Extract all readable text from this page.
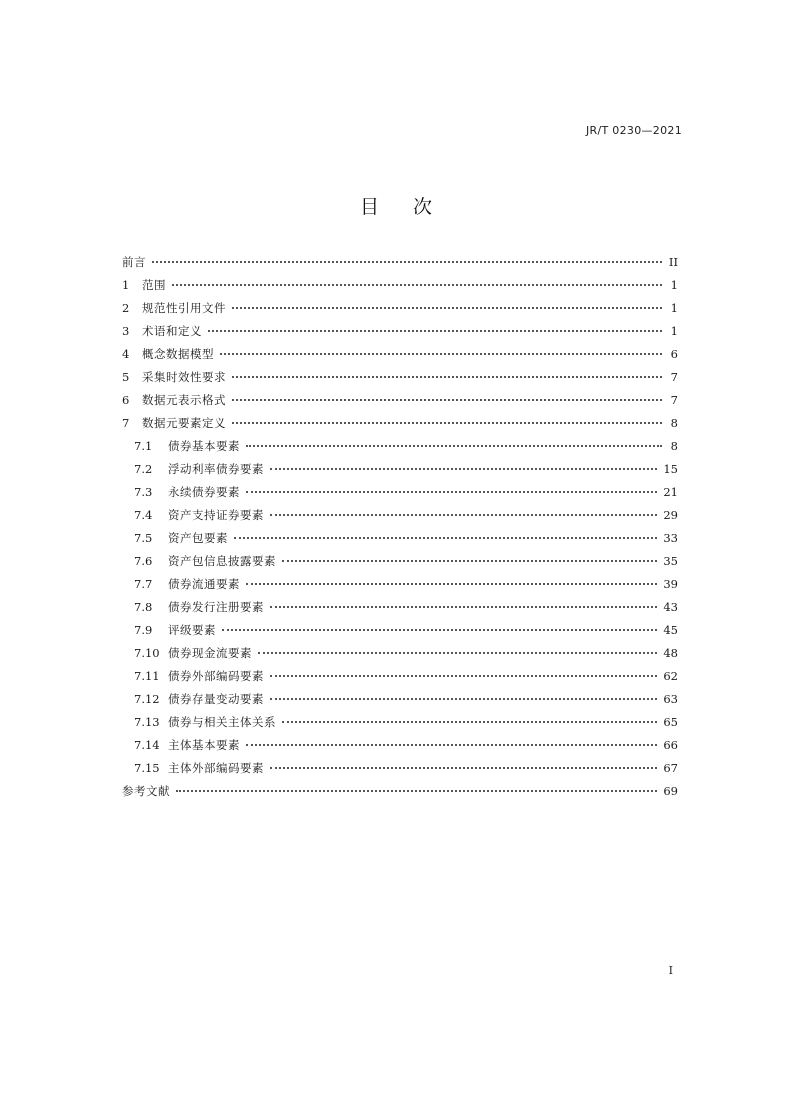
JR/T 0230—2021
目 次
前言	II
1	范围	1
2	规范性引用文件	1
3	术语和定义	1
4	概念数据模型	6
5	采集时效性要求	7
6	数据元表示格式	7
7	数据元要素定义	8
7.1	债券基本要素	8
7.2	浮动利率债券要素	15
7.3	永续债券要素	21
7.4	资产支持证券要素	29
7.5	资产包要素	33
7.6	资产包信息披露要素	35
7.7	债券流通要素	39
7.8	债券发行注册要素	43
7.9	评级要素	45
7.10 债券现金流要素	48
7.11 债券外部编码要素	62
7.12 债券存量变动要素	63
7.13 债券与相关主体关系	65
7.14 主体基本要素	66
7.15 主体外部编码要素	67
参考文献	69
I
